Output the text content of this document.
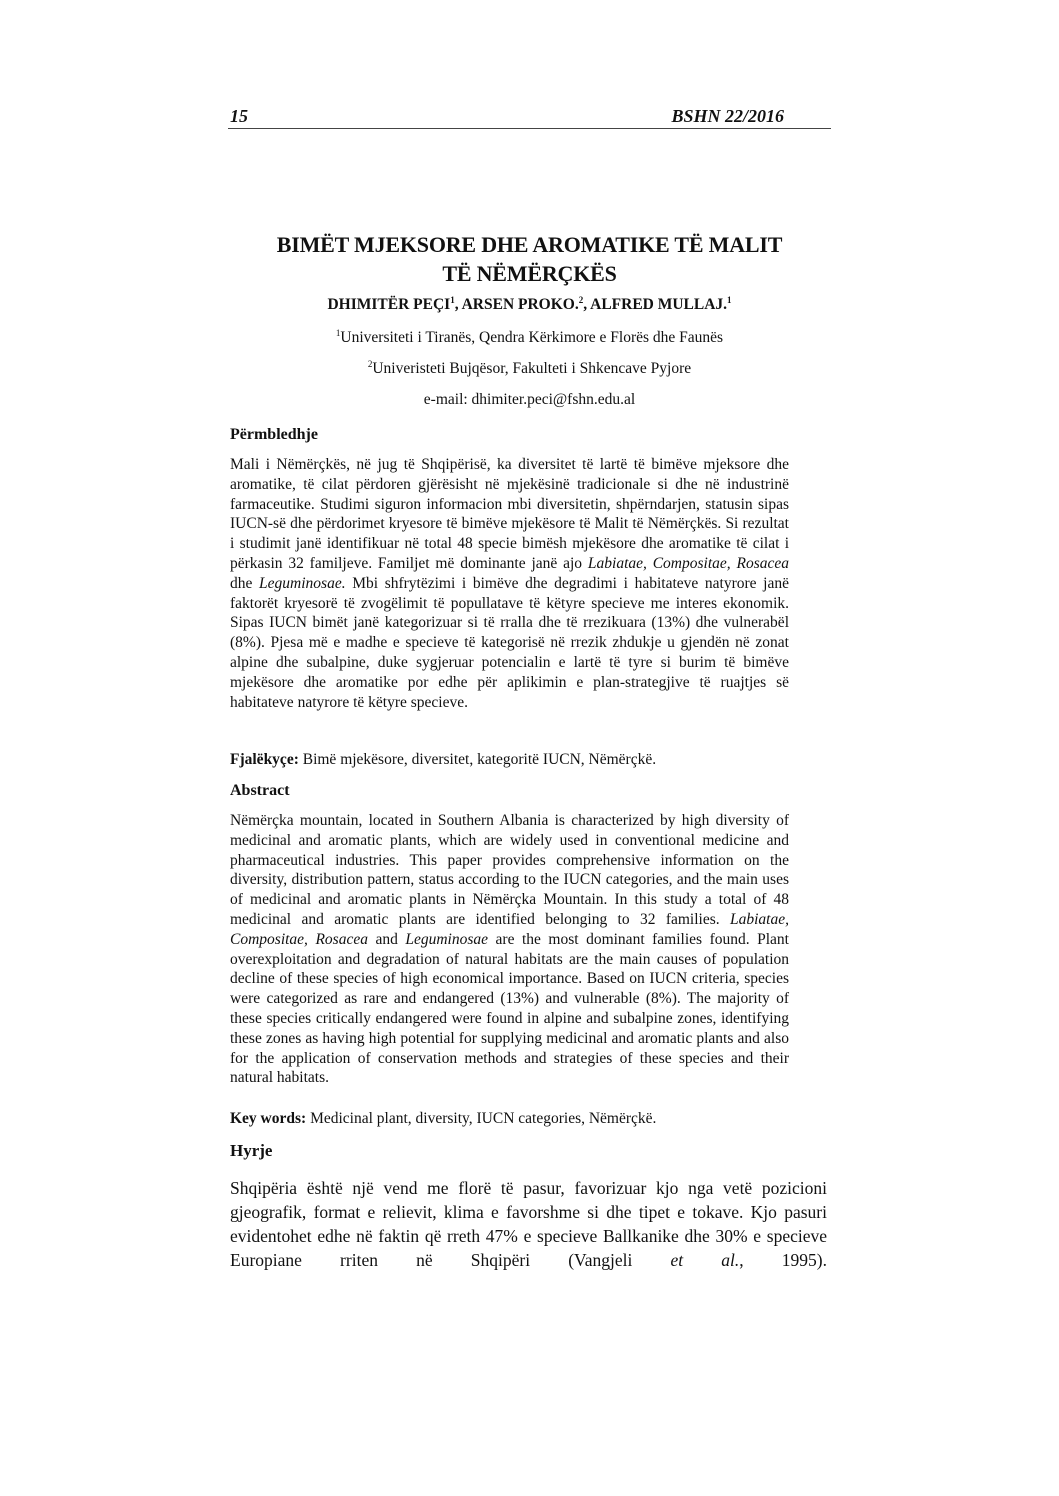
15	BSHN 22/2016
BIMËT MJEKSORE DHE AROMATIKE TË MALIT
TË NËMËRÇKËS
DHIMITËR PEÇI$^1$, ARSEN PROKO.$^2$, ALFRED MULLAJ.$^1$
$^1$Universiteti i Tiranës, Qendra Kërkimore e Florës dhe Faunës
$^2$Univeristeti Bujqësor, Fakulteti i Shkencave Pyjore
e-mail: dhimiter.peci@fshn.edu.al
Përmbledhje
Mali i Nëmërçkës, në jug të Shqipërisë, ka diversitet të lartë të bimëve mjeksore dhe aromatike, të cilat përdoren gjërësisht në mjekësinë tradicionale si dhe në industrinë farmaceutike. Studimi siguron informacion mbi diversitetin, shpërndarjen, statusin sipas IUCN-së dhe përdorimet kryesore të bimëve mjekësore të Malit të Nëmërçkës. Si rezultat i studimit janë identifikuar në total 48 specie bimësh mjekësore dhe aromatike të cilat i përkasin 32 familjeve. Familjet më dominante janë ajo Labiatae, Compositae, Rosacea dhe Leguminosae. Mbi shfrytëzimi i bimëve dhe degradimi i habitateve natyrore janë faktorët kryesorë të zvogëlimit të popullatave të këtyre specieve me interes ekonomik. Sipas IUCN bimët janë kategorizuar si të rralla dhe të rrezikuara (13%) dhe vulnerabël (8%). Pjesa më e madhe e specieve të kategorisë në rrezik zhdukje u gjendën në zonat alpine dhe subalpine, duke sygjeruar potencialin e lartë të tyre si burim të bimëve mjekësore dhe aromatike por edhe për aplikimin e plan-strategjive të ruajtjes së habitateve natyrore të këtyre specieve.
Fjalëkyçe: Bimë mjekësore, diversitet, kategoritë IUCN, Nëmërçkë.
Abstract
Nëmërçka mountain, located in Southern Albania is characterized by high diversity of medicinal and aromatic plants, which are widely used in conventional medicine and pharmaceutical industries. This paper provides comprehensive information on the diversity, distribution pattern, status according to the IUCN categories, and the main uses of medicinal and aromatic plants in Nëmërçka Mountain. In this study a total of 48 medicinal and aromatic plants are identified belonging to 32 families. Labiatae, Compositae, Rosacea and Leguminosae are the most dominant families found. Plant overexploitation and degradation of natural habitats are the main causes of population decline of these species of high economical importance. Based on IUCN criteria, species were categorized as rare and endangered (13%) and vulnerable (8%). The majority of these species critically endangered were found in alpine and subalpine zones, identifying these zones as having high potential for supplying medicinal and aromatic plants and also for the application of conservation methods and strategies of these species and their natural habitats.
Key words: Medicinal plant, diversity, IUCN categories, Nëmërçkë.
Hyrje
Shqipëria është një vend me florë të pasur, favorizuar kjo nga vetë pozicioni gjeografik, format e relievit, klima e favorshme si dhe tipet e tokave. Kjo pasuri evidentohet edhe në faktin që rreth 47% e specieve Ballkanike dhe 30% e specieve Europiane rriten në Shqipëri (Vangjeli et al., 1995).
